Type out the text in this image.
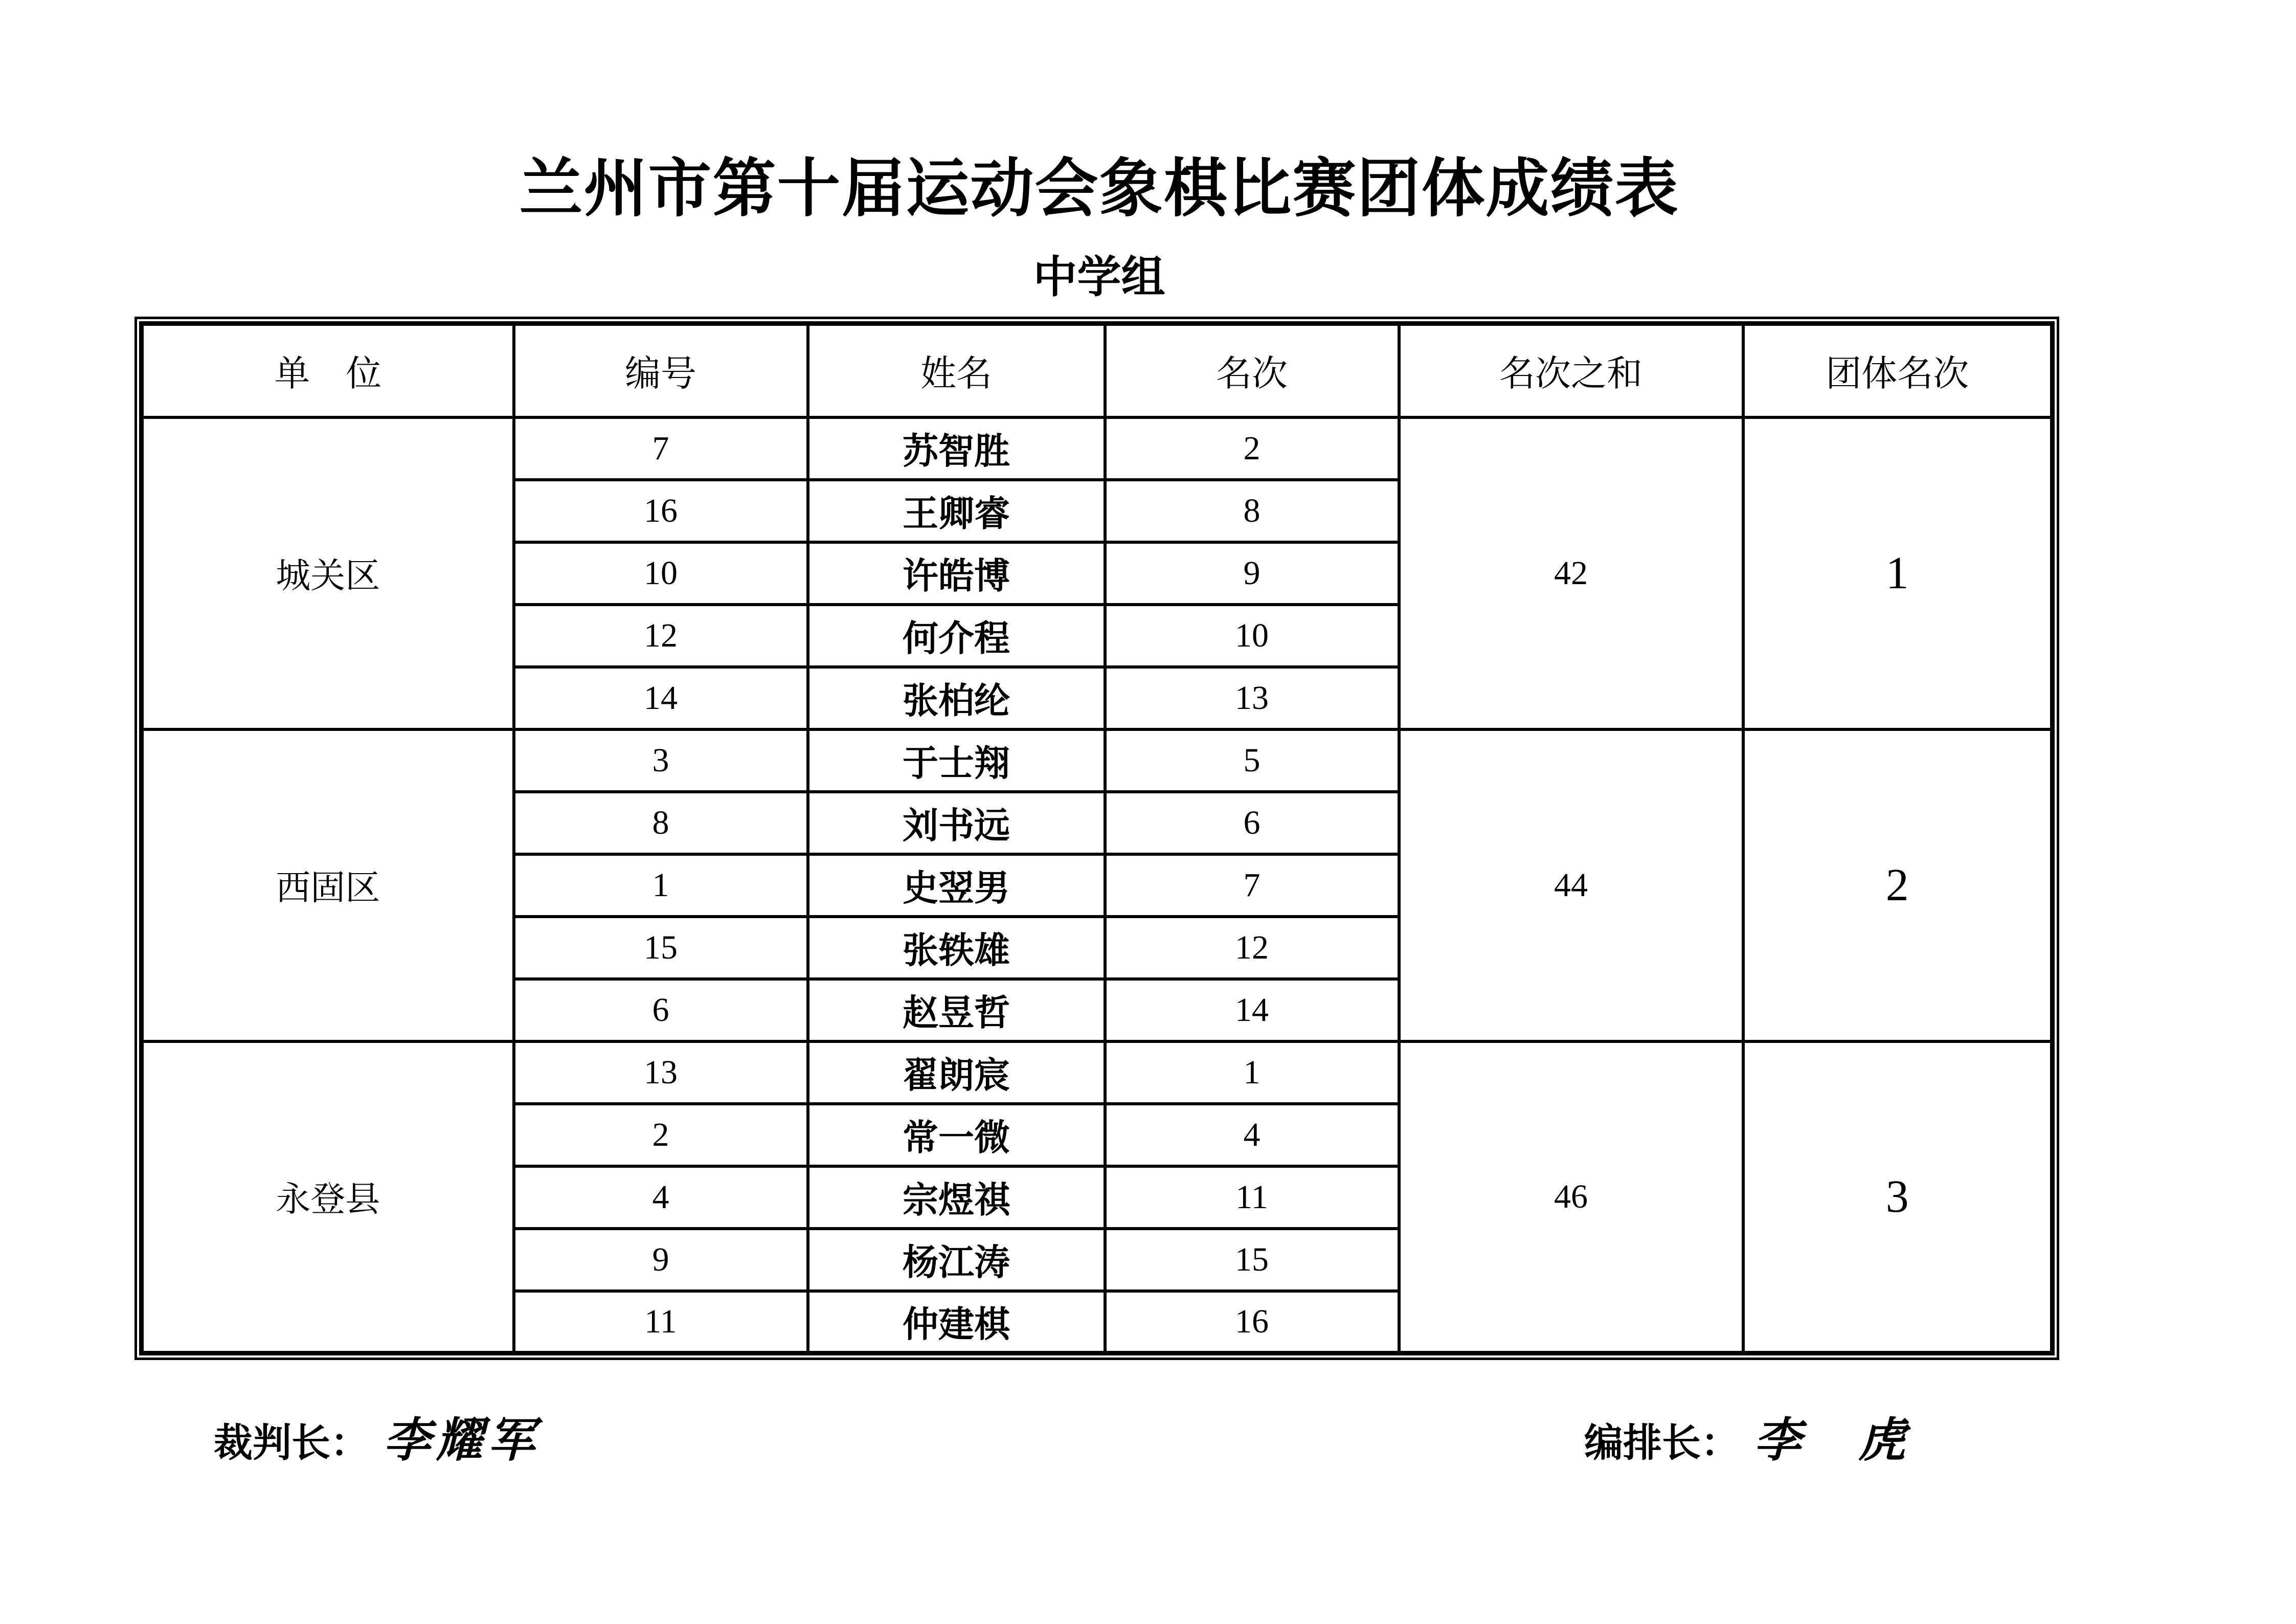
兰州市第十届运动会象棋比赛团体成绩表
中学组
单　位	编号	姓名	名次	名次之和	团体名次
城关区	7	苏智胜	2	42	1
	16	王卿睿	8		
	10	许皓博	9		
	12	何介程	10		
	14	张柏纶	13		
西固区	3	于士翔	5	44	2
	8	刘书远	6		
	1	史翌男	7		
	15	张轶雄	12		
	6	赵昱哲	14		
永登县	13	翟朗宸	1	46	3
	2	常一微	4		
	4	宗煜祺	11		
	9	杨江涛	15		
	11	仲建棋	16		
裁判长： 李耀军	编排长： 李　虎
